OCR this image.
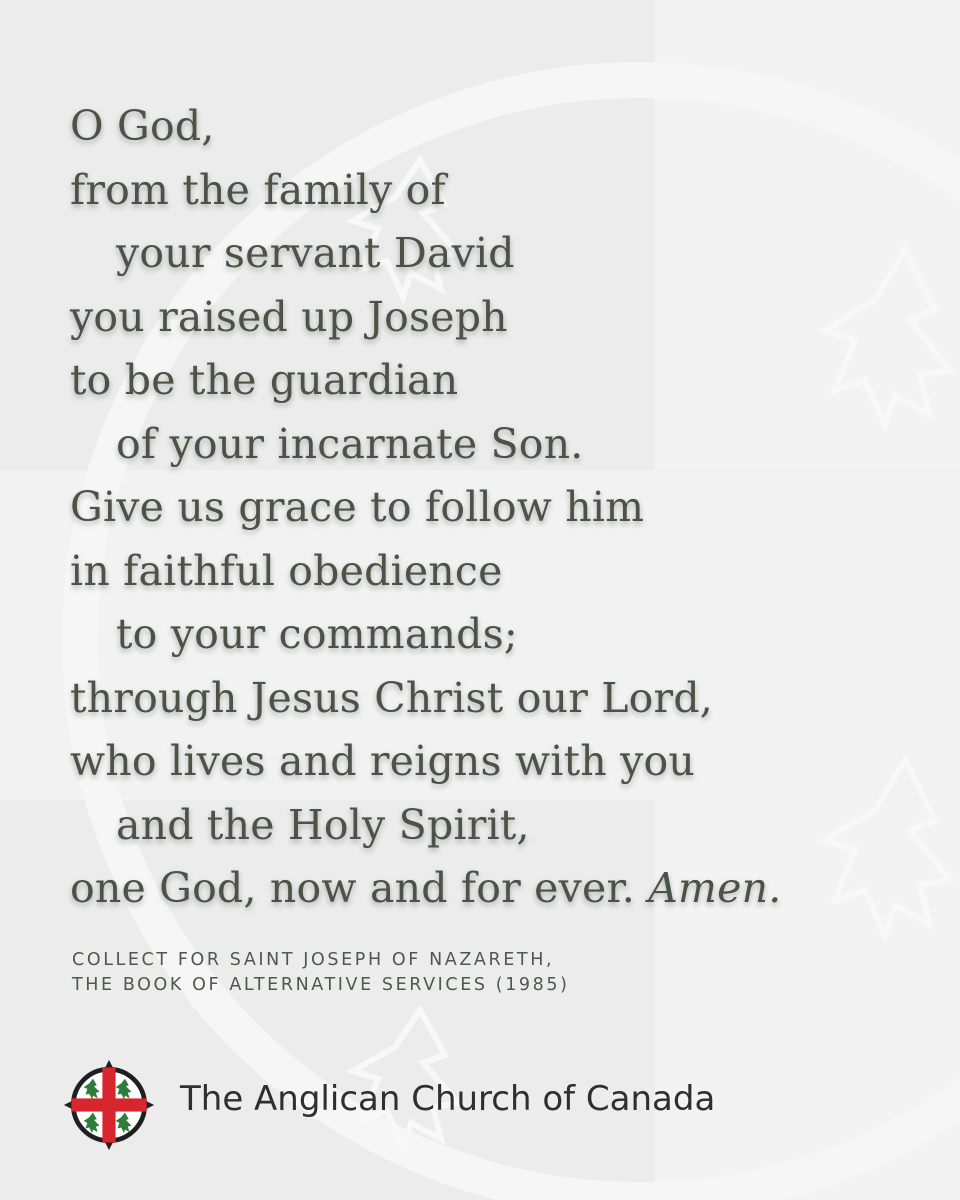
O God,
from the family of
your servant David
you raised up Joseph
to be the guardian
of your incarnate Son.
Give us grace to follow him
in faithful obedience
to your commands;
through Jesus Christ our Lord,
who lives and reigns with you
and the Holy Spirit,
one God, now and for ever. Amen.
COLLECT FOR SAINT JOSEPH OF NAZARETH,
THE BOOK OF ALTERNATIVE SERVICES (1985)
The Anglican Church of Canada
